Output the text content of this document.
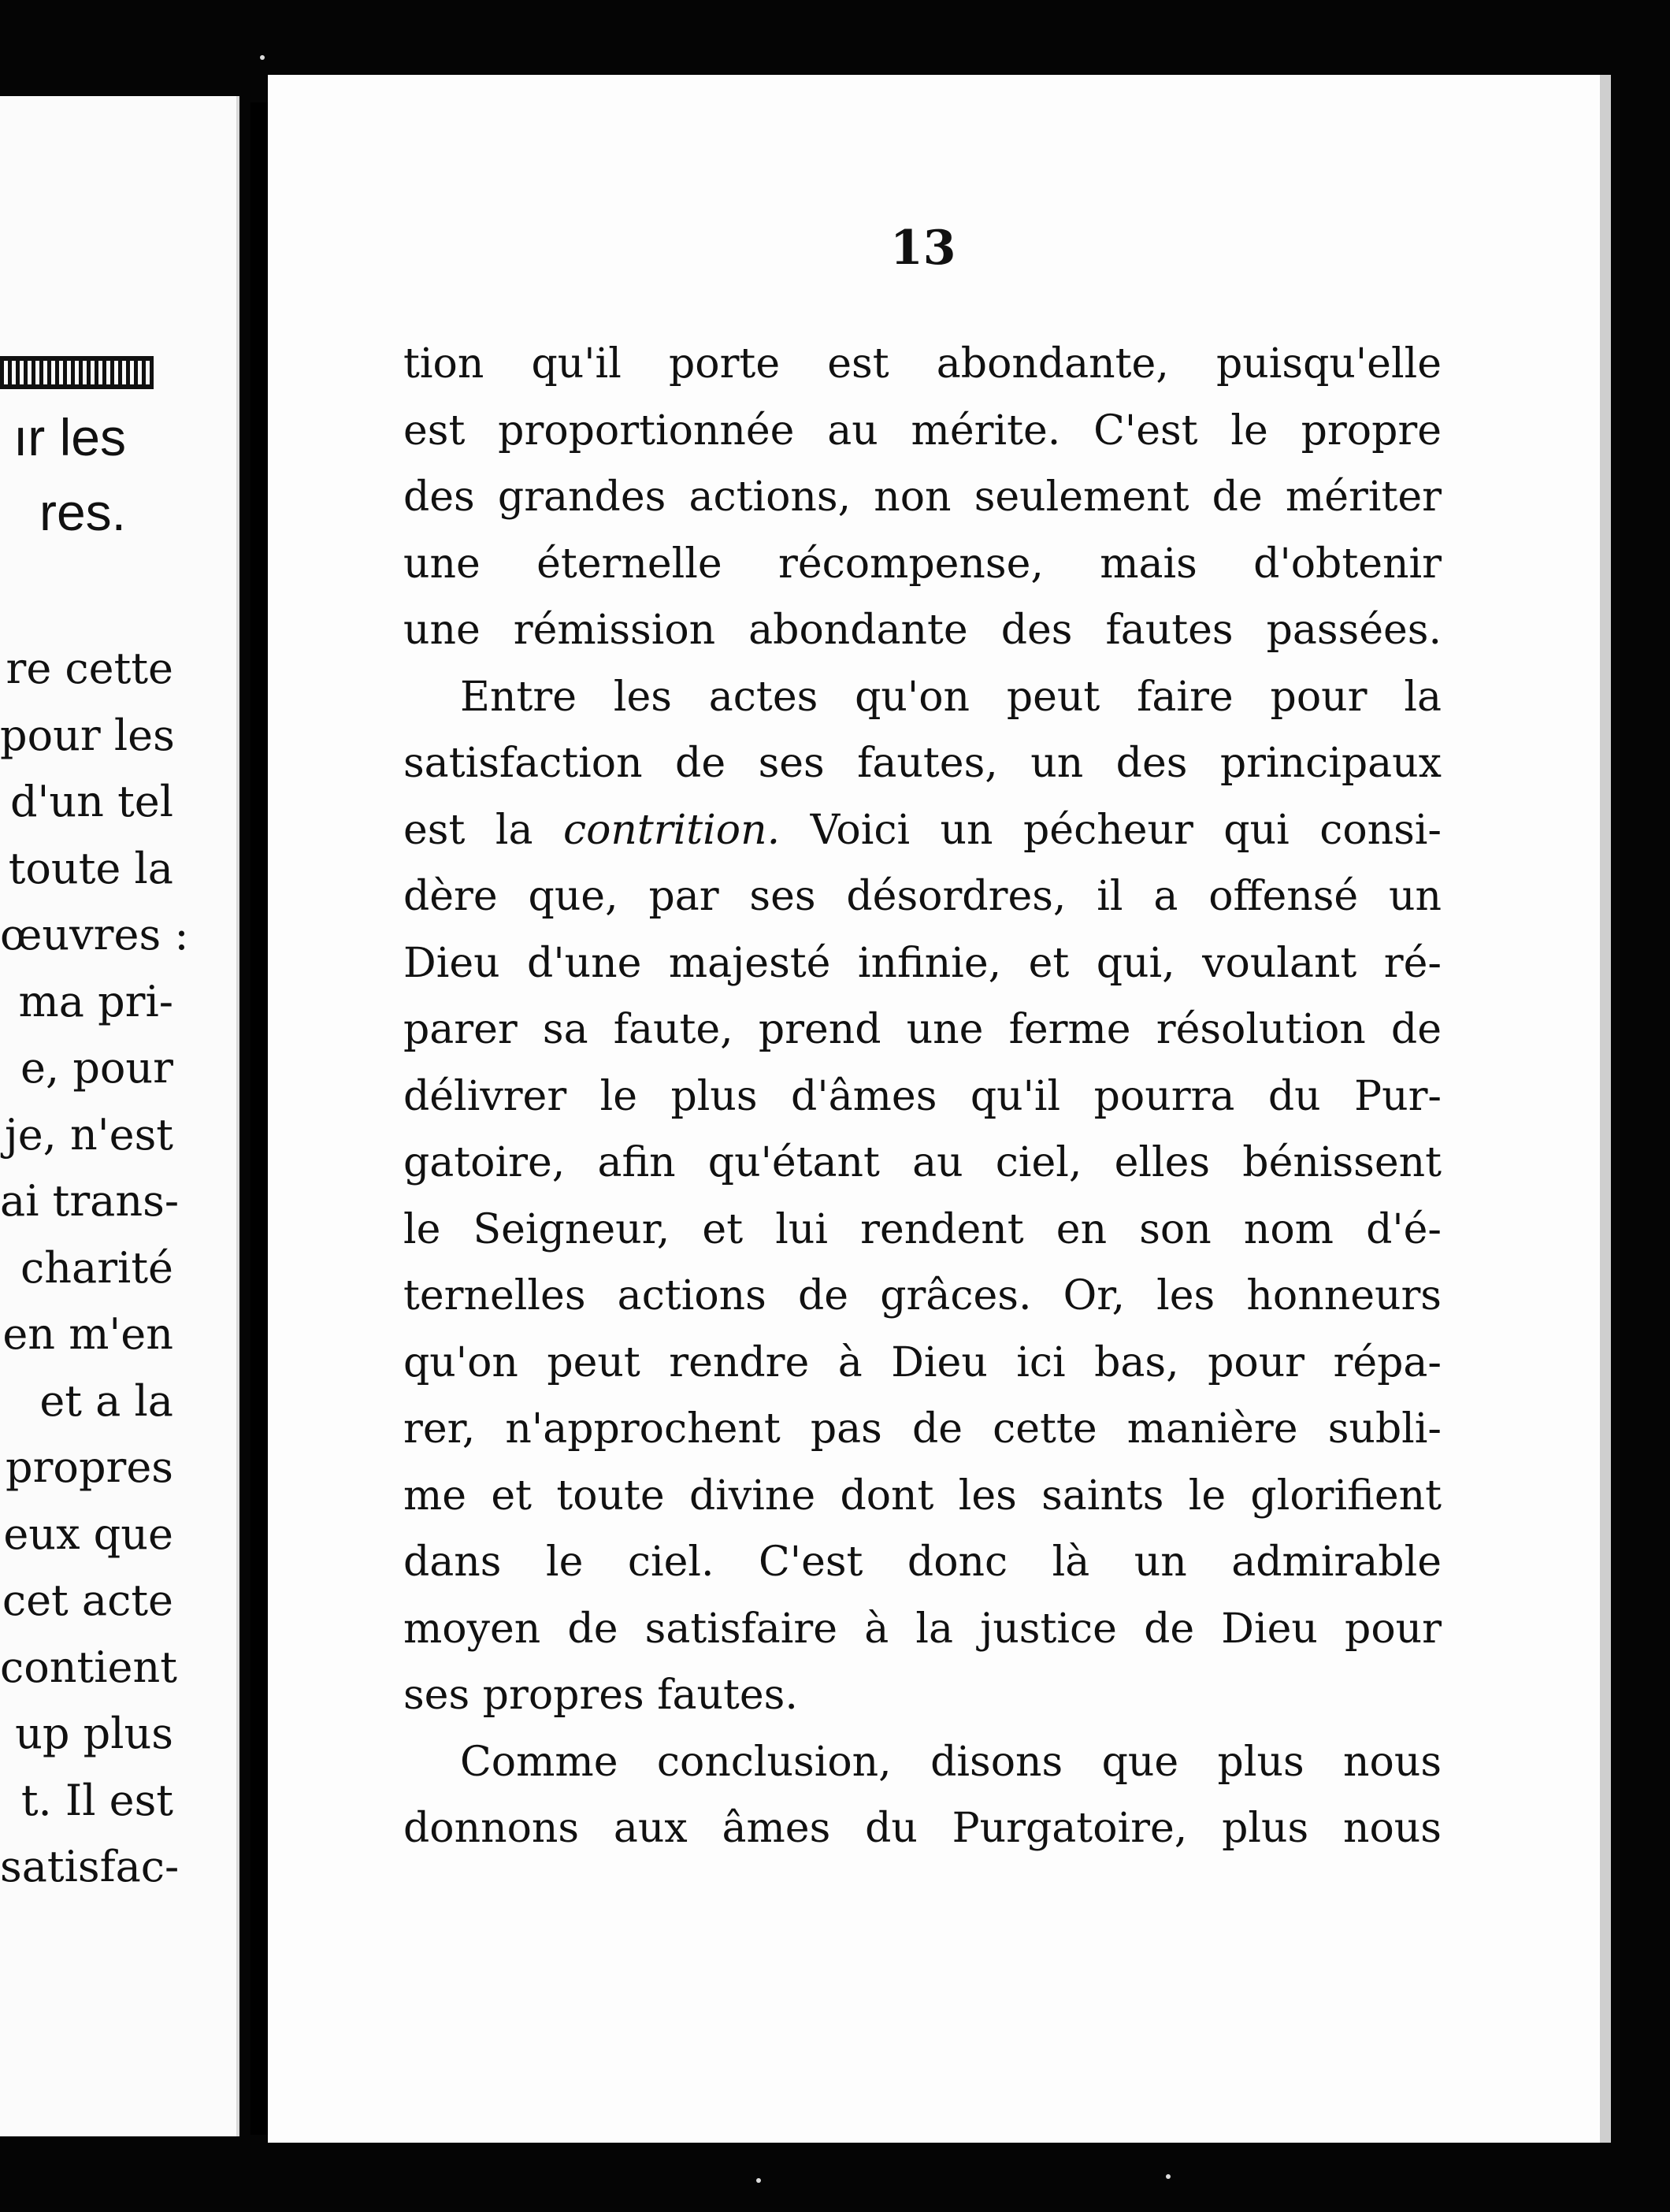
ır les
res.
re cette
pour les
d'un tel
toute la
œuvres :
ma pri-
e, pour
je, n'est
ai trans-
charité
en m'en
et a la
propres
eux que
cet acte
contient
up plus
t. Il est
satisfac-
13
tion qu'il porte est abondante, puisqu'elle
est proportionnée au mérite. C'est le propre
des grandes actions, non seulement de mériter
une éternelle récompense, mais d'obtenir
une rémission abondante des fautes passées.
Entre les actes qu'on peut faire pour la
satisfaction de ses fautes, un des principaux
est la contrition. Voici un pécheur qui consi-
dère que, par ses désordres, il a offensé un
Dieu d'une majesté infinie, et qui, voulant ré-
parer sa faute, prend une ferme résolution de
délivrer le plus d'âmes qu'il pourra du Pur-
gatoire, afin qu'étant au ciel, elles bénissent
le Seigneur, et lui rendent en son nom d'é-
ternelles actions de grâces. Or, les honneurs
qu'on peut rendre à Dieu ici bas, pour répa-
rer, n'approchent pas de cette manière subli-
me et toute divine dont les saints le glorifient
dans le ciel. C'est donc là un admirable
moyen de satisfaire à la justice de Dieu pour
ses propres fautes.
Comme conclusion, disons que plus nous
donnons aux âmes du Purgatoire, plus nous
